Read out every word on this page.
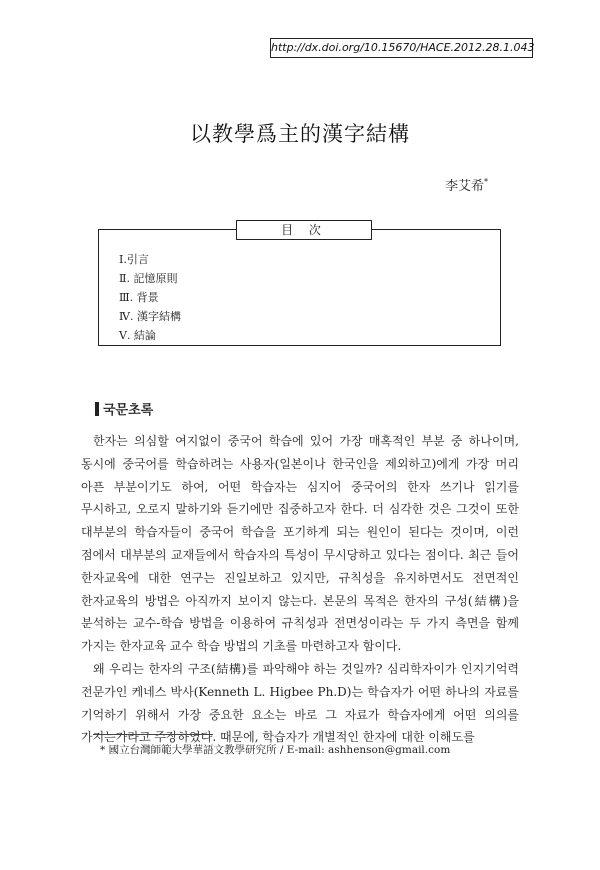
http://dx.doi.org/10.15670/HACE.2012.28.1.043
以教學爲主的漢字結構
李艾希*
目 次
Ⅰ.引言
Ⅱ. 記憶原則
Ⅲ. 背景
Ⅳ. 漢字結構
Ⅴ. 結論
국문초록

한자는 의심할 여지없이 중국어 학습에 있어 가장 매혹적인 부분 중 하나이며, 동시에 중국어를 학습하려는 사용자(일본이나 한국인을 제외하고)에게 가장 머리 아픈 부분이기도 하여, 어떤 학습자는 심지어 중국어의 한자 쓰기나 읽기를 무시하고, 오로지 말하기와 듣기에만 집중하고자 한다. 더 심각한 것은 그것이 또한 대부분의 학습자들이 중국어 학습을 포기하게 되는 원인이 된다는 것이며, 이런 점에서 대부분의 교재들에서 학습자의 특성이 무시당하고 있다는 점이다. 최근 들어 한자교육에 대한 연구는 진일보하고 있지만, 규칙성을 유지하면서도 전면적인 한자교육의 방법은 아직까지 보이지 않는다. 본문의 목적은 한자의 구성(結構)을 분석하는 교수-학습 방법을 이용하여 규칙성과 전면성이라는 두 가지 측면을 함께 가지는 한자교육 교수 학습 방법의 기초를 마련하고자 함이다.

왜 우리는 한자의 구조(結構)를 파악해야 하는 것일까? 심리학자이가 인지기억력 전문가인 케네스 박사(Kenneth L. Higbee Ph.D)는 학습자가 어떤 하나의 자료를 기억하기 위해서 가장 중요한 요소는 바로 그 자료가 학습자에게 어떤 의의를 가지는가라고 주장하였다. 때문에, 학습자가 개별적인 한자에 대한 이해도를

* 國立台灣師範大學華語文教學研究所 / E-mail: ashhenson@gmail.com
